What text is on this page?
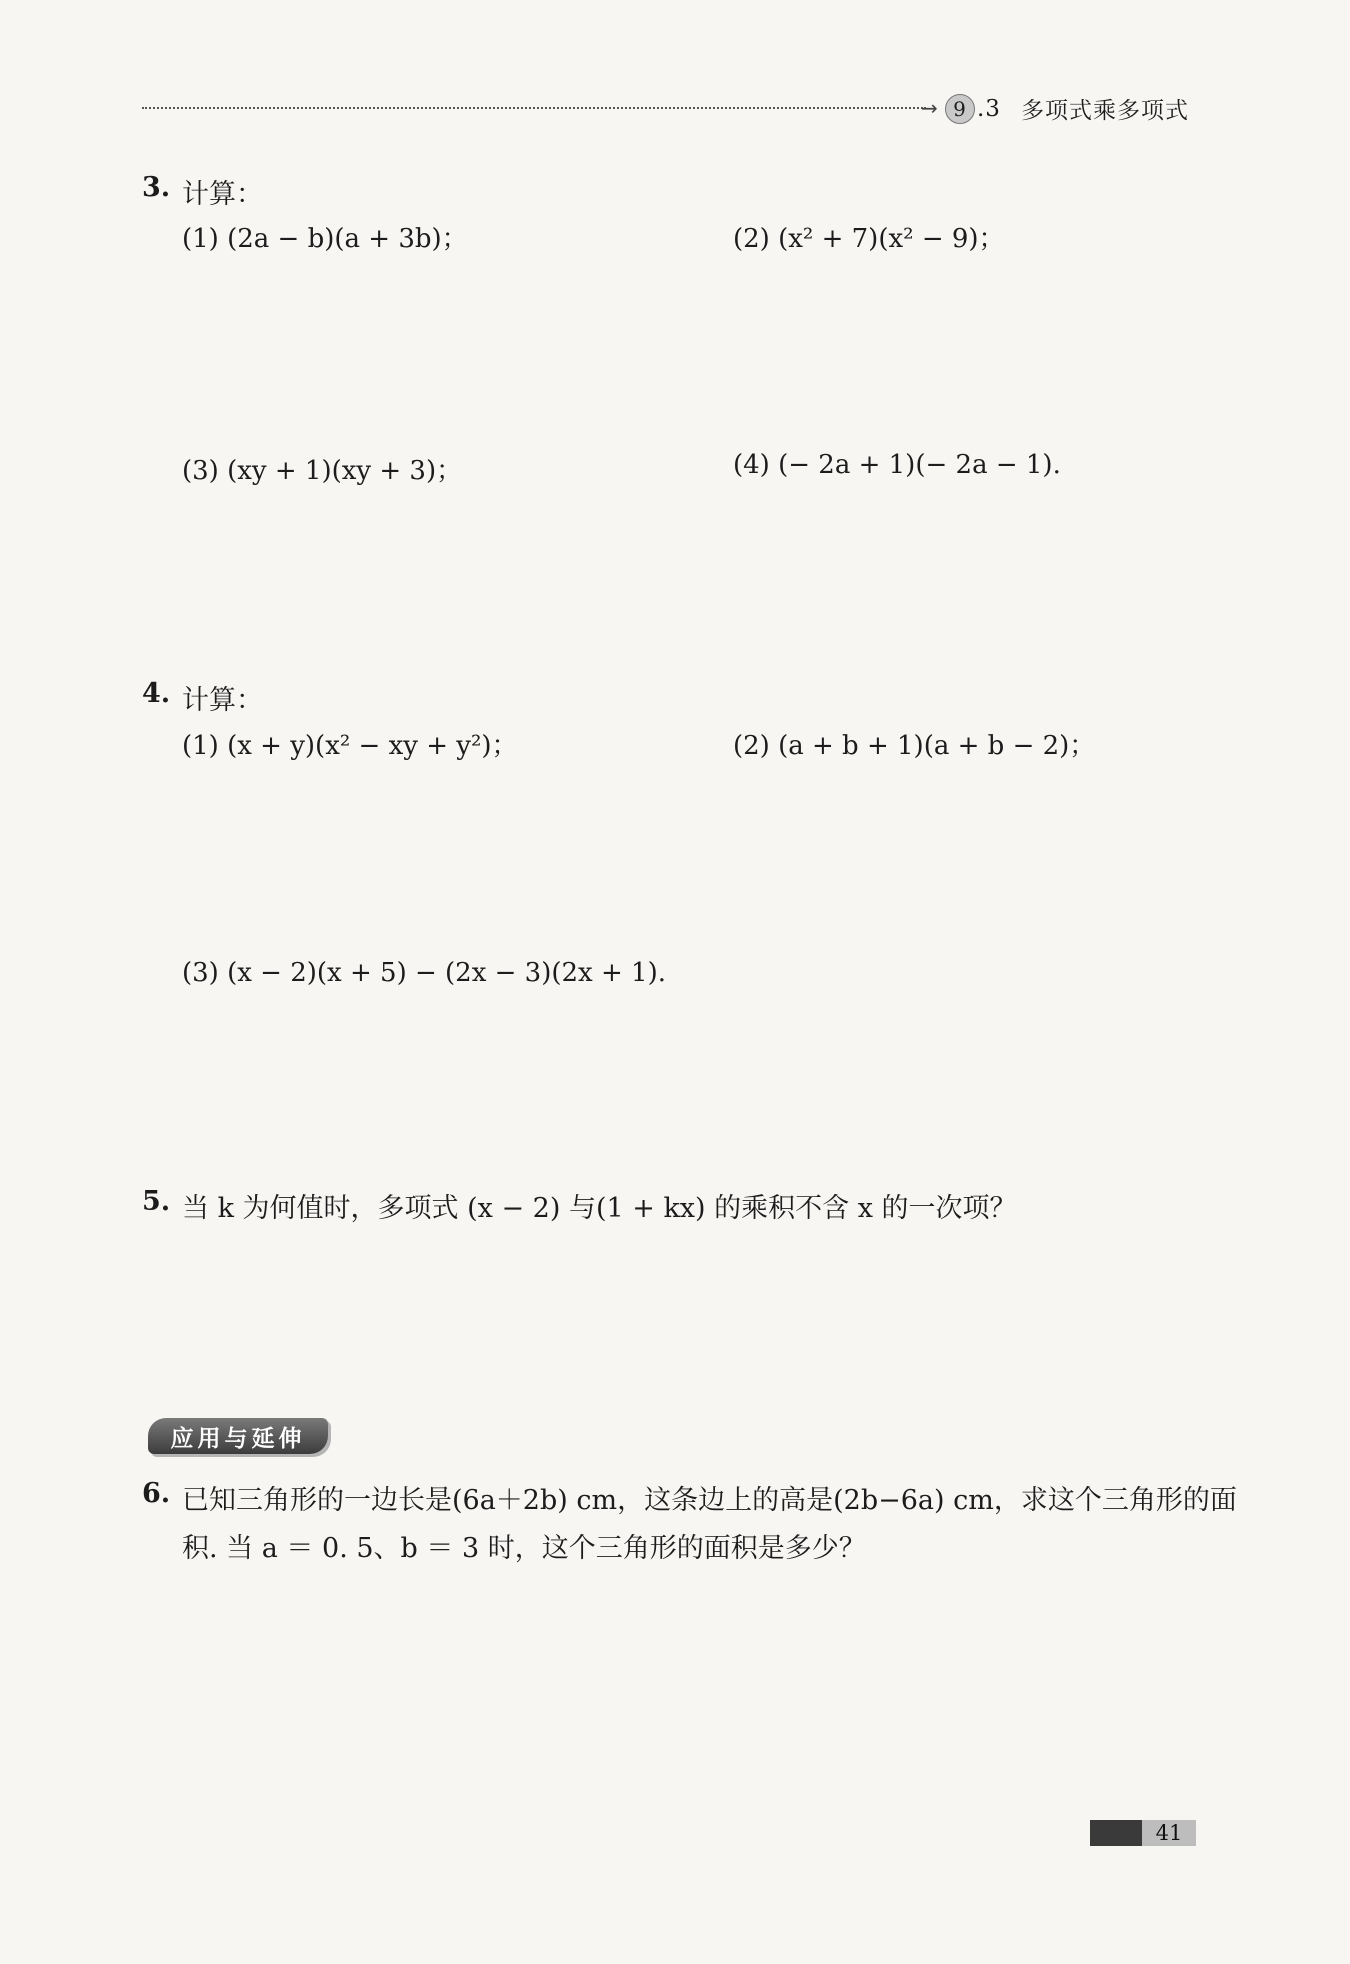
→ 9 .3 多项式乘多项式
3. 计算：
(1) (2a − b)(a + 3b)；	(2) (x² + 7)(x² − 9)；
(3) (xy + 1)(xy + 3)；	(4) (− 2a + 1)(− 2a − 1).
4. 计算：
(1) (x + y)(x² − xy + y²)；	(2) (a + b + 1)(a + b − 2)；
(3) (x − 2)(x + 5) − (2x − 3)(2x + 1).
5. 当 k 为何值时，多项式 (x − 2) 与(1 + kx) 的乘积不含 x 的一次项？
应用与延伸
6. 已知三角形的一边长是(6a＋2b) cm，这条边上的高是(2b−6a) cm，求这个三角形的面
积. 当 a ＝ 0. 5、b ＝ 3 时，这个三角形的面积是多少？
41
